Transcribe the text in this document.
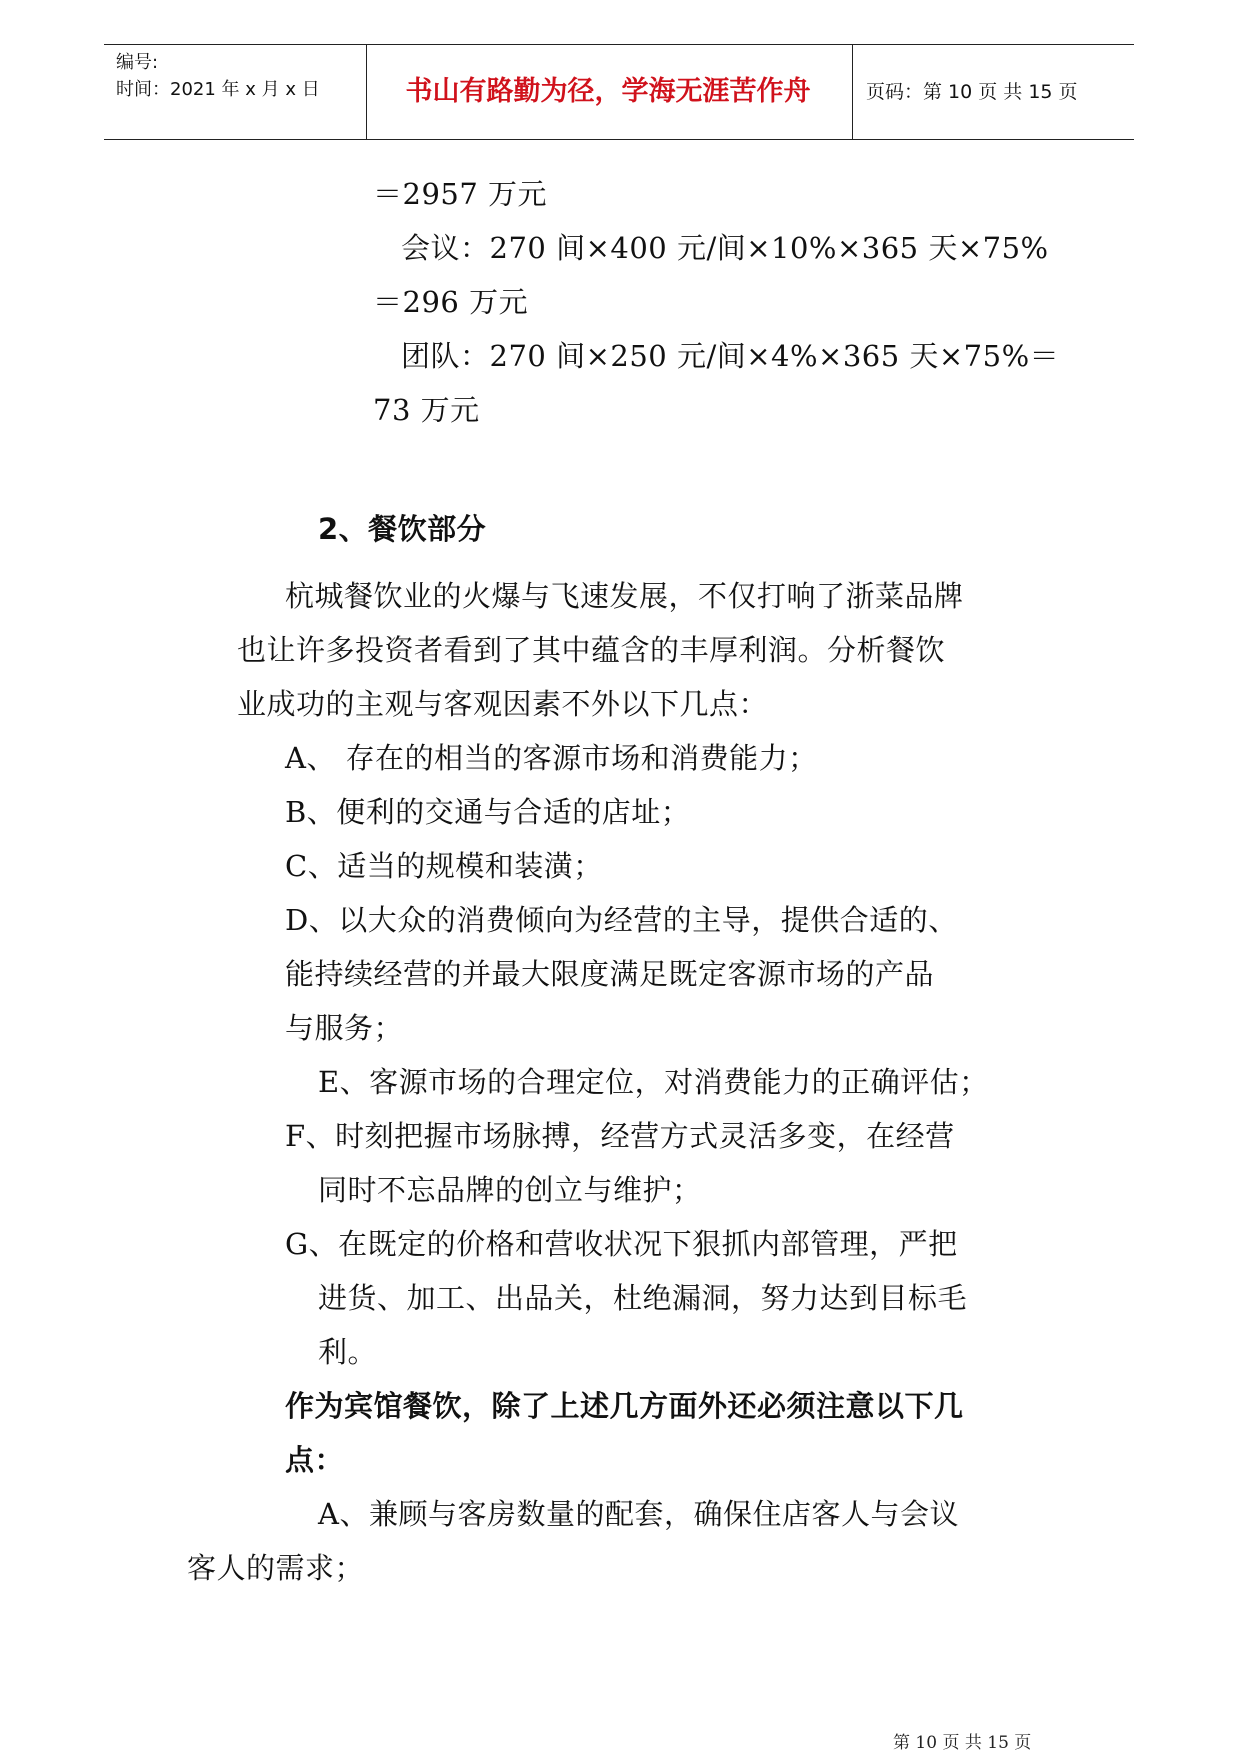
编号:
时间：2021 年 x 月 x 日	书山有路勤为径，学海无涯苦作舟	页码：第 10 页 共 15 页
＝2957 万元
会议：270 间×400 元/间×10%×365 天×75%
＝296 万元
团队：270 间×250 元/间×4%×365 天×75%＝
73 万元
2、餐饮部分
杭城餐饮业的火爆与飞速发展，不仅打响了浙菜品牌
也让许多投资者看到了其中蕴含的丰厚利润。分析餐饮
业成功的主观与客观因素不外以下几点：
A、 存在的相当的客源市场和消费能力；
B、便利的交通与合适的店址；
C、适当的规模和装潢；
D、以大众的消费倾向为经营的主导，提供合适的、
能持续经营的并最大限度满足既定客源市场的产品
与服务；
E、客源市场的合理定位，对消费能力的正确评估；
F、时刻把握市场脉搏，经营方式灵活多变，在经营
同时不忘品牌的创立与维护；
G、在既定的价格和营收状况下狠抓内部管理，严把
进货、加工、出品关，杜绝漏洞，努力达到目标毛
利。
作为宾馆餐饮，除了上述几方面外还必须注意以下几
点：
A、兼顾与客房数量的配套，确保住店客人与会议
客人的需求；
第 10 页 共 15 页
